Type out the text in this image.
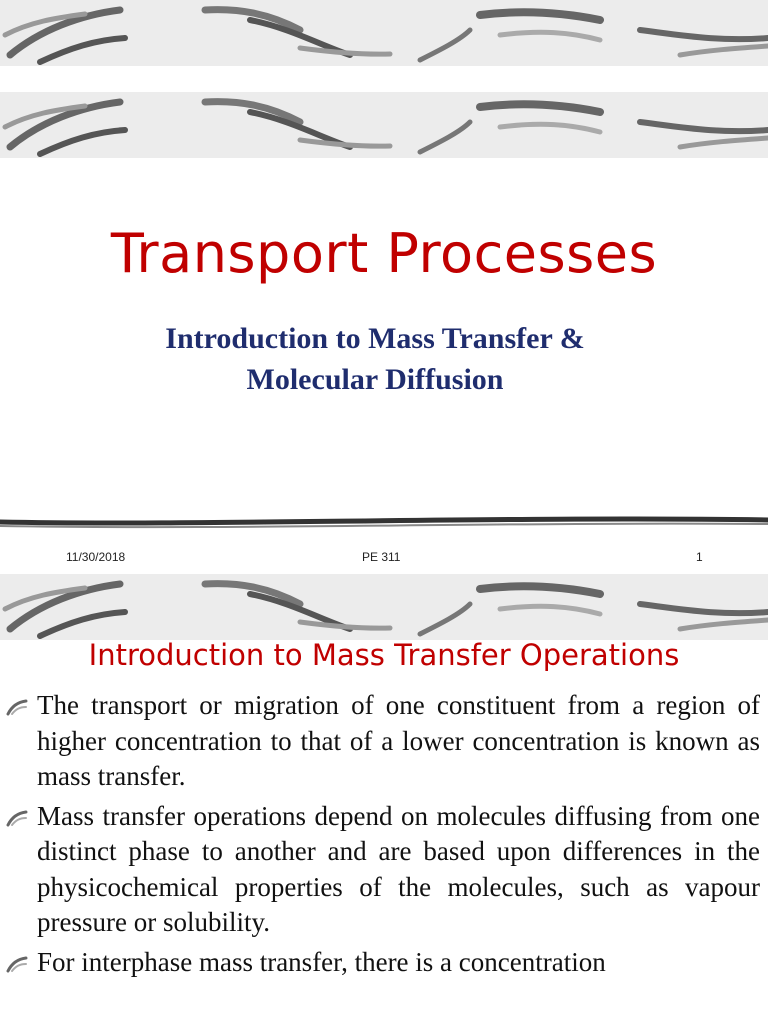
Transport Processes
Introduction to Mass Transfer &
Molecular Diffusion
11/30/2018	PE 311	1
Introduction to Mass Transfer Operations
The transport or migration of one constituent from a region of higher concentration to that of a lower concentration is known as mass transfer.
Mass transfer operations depend on molecules diffusing from one distinct phase to another and are based upon differences in the physicochemical properties of the molecules, such as vapour pressure or solubility.
For interphase mass transfer, there is a concentration
